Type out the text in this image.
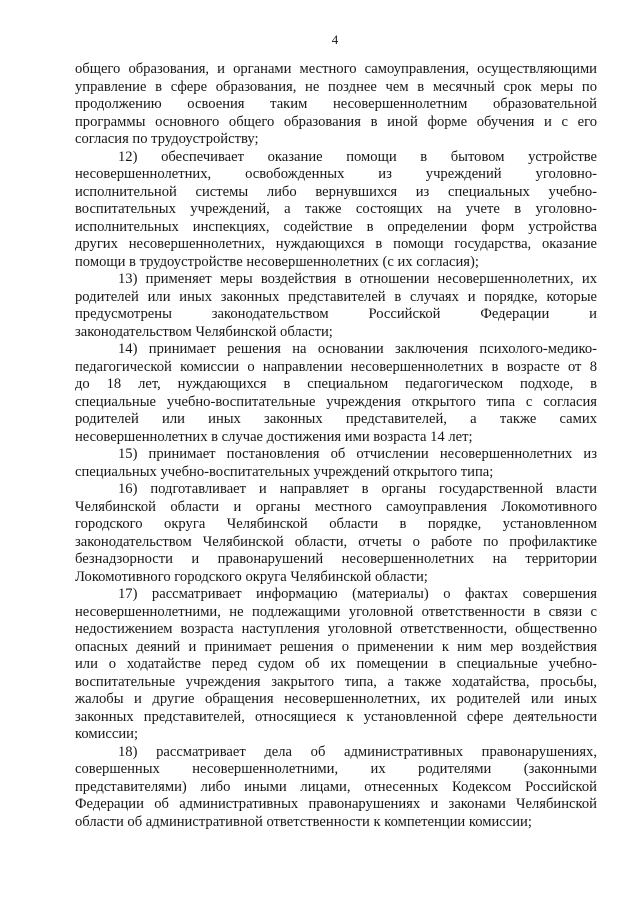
4
общего образования, и органами местного самоуправления, осуществляющими
управление в сфере образования, не позднее чем в месячный срок меры по
продолжению освоения таким несовершеннолетним образовательной
программы основного общего образования в иной форме обучения и с его
согласия по трудоустройству;
12) обеспечивает оказание помощи в бытовом устройстве
несовершеннолетних, освобожденных из учреждений уголовно-
исполнительной системы либо вернувшихся из специальных учебно-
воспитательных учреждений, а также состоящих на учете в уголовно-
исполнительных инспекциях, содействие в определении форм устройства
других несовершеннолетних, нуждающихся в помощи государства, оказание
помощи в трудоустройстве несовершеннолетних (с их согласия);
13) применяет меры воздействия в отношении несовершеннолетних, их
родителей или иных законных представителей в случаях и порядке, которые
предусмотрены законодательством Российской Федерации и
законодательством Челябинской области;
14) принимает решения на основании заключения психолого-медико-
педагогической комиссии о направлении несовершеннолетних в возрасте от 8
до 18 лет, нуждающихся в специальном педагогическом подходе, в
специальные учебно-воспитательные учреждения открытого типа с согласия
родителей или иных законных представителей, а также самих
несовершеннолетних в случае достижения ими возраста 14 лет;
15) принимает постановления об отчислении несовершеннолетних из
специальных учебно-воспитательных учреждений открытого типа;
16) подготавливает и направляет в органы государственной власти
Челябинской области и органы местного самоуправления Локомотивного
городского округа Челябинской области в порядке, установленном
законодательством Челябинской области, отчеты о работе по профилактике
безнадзорности и правонарушений несовершеннолетних на территории
Локомотивного городского округа Челябинской области;
17) рассматривает информацию (материалы) о фактах совершения
несовершеннолетними, не подлежащими уголовной ответственности в связи с
недостижением возраста наступления уголовной ответственности, общественно
опасных деяний и принимает решения о применении к ним мер воздействия
или о ходатайстве перед судом об их помещении в специальные учебно-
воспитательные учреждения закрытого типа, а также ходатайства, просьбы,
жалобы и другие обращения несовершеннолетних, их родителей или иных
законных представителей, относящиеся к установленной сфере деятельности
комиссии;
18) рассматривает дела об административных правонарушениях,
совершенных несовершеннолетними, их родителями (законными
представителями) либо иными лицами, отнесенных Кодексом Российской
Федерации об административных правонарушениях и законами Челябинской
области об административной ответственности к компетенции комиссии;
